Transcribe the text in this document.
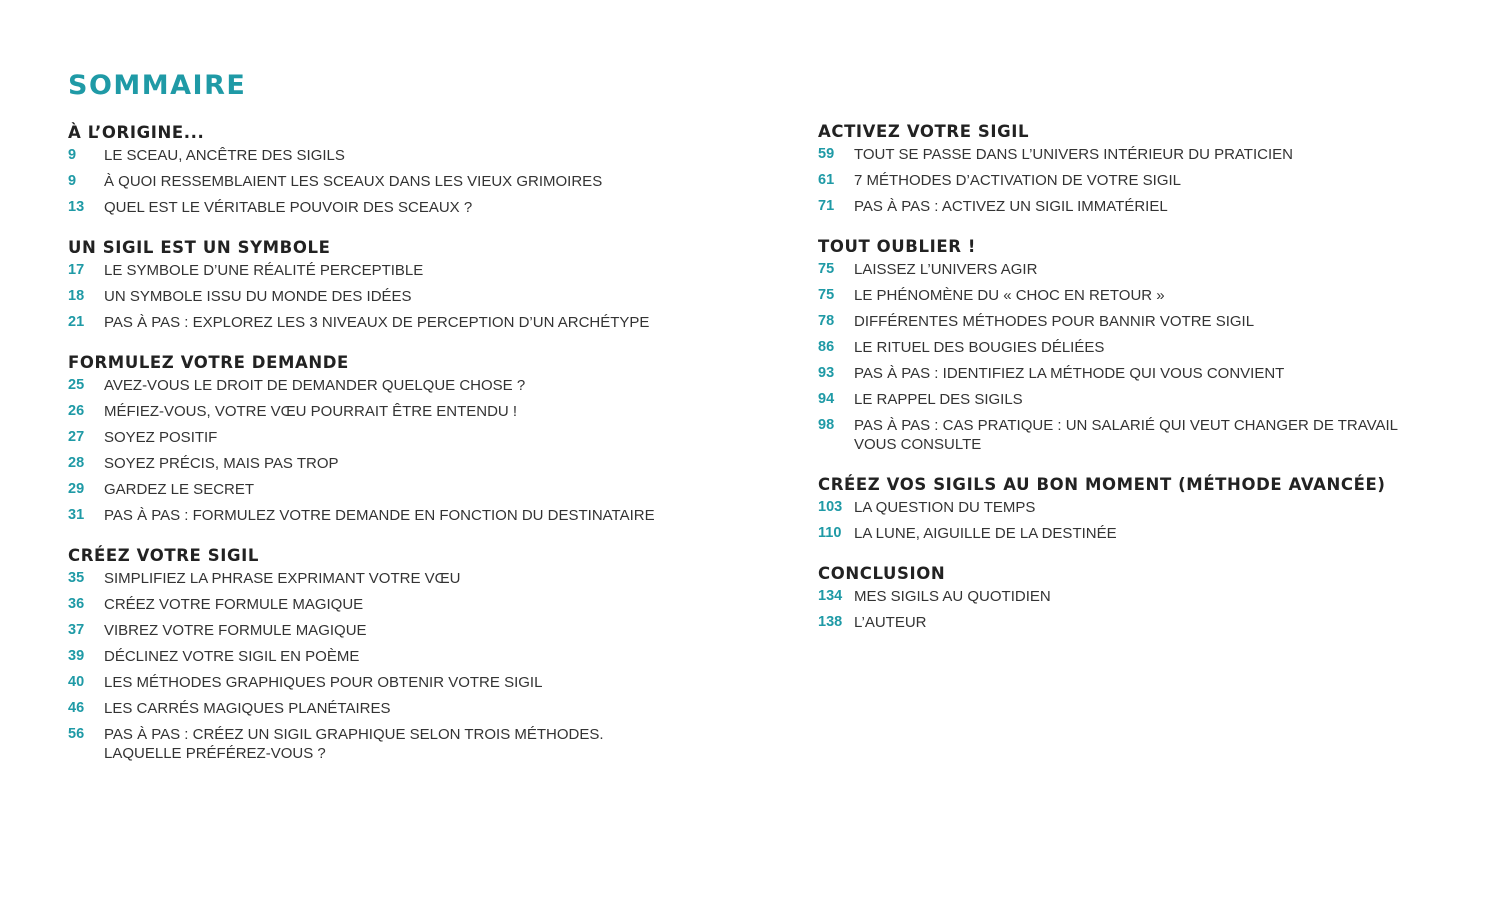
SOMMAIRE
À L’ORIGINE...
9	LE SCEAU, ANCÊTRE DES SIGILS
9	À QUOI RESSEMBLAIENT LES SCEAUX DANS LES VIEUX GRIMOIRES
13	QUEL EST LE VÉRITABLE POUVOIR DES SCEAUX ?
UN SIGIL EST UN SYMBOLE
17	LE SYMBOLE D’UNE RÉALITÉ PERCEPTIBLE
18	UN SYMBOLE ISSU DU MONDE DES IDÉES
21	PAS À PAS : EXPLOREZ LES 3 NIVEAUX DE PERCEPTION D’UN ARCHÉTYPE
FORMULEZ VOTRE DEMANDE
25	AVEZ-VOUS LE DROIT DE DEMANDER QUELQUE CHOSE ?
26	MÉFIEZ-VOUS, VOTRE VŒU POURRAIT ÊTRE ENTENDU !
27	SOYEZ POSITIF
28	SOYEZ PRÉCIS, MAIS PAS TROP
29	GARDEZ LE SECRET
31	PAS À PAS : FORMULEZ VOTRE DEMANDE EN FONCTION DU DESTINATAIRE
CRÉEZ VOTRE SIGIL
35	SIMPLIFIEZ LA PHRASE EXPRIMANT VOTRE VŒU
36	CRÉEZ VOTRE FORMULE MAGIQUE
37	VIBREZ VOTRE FORMULE MAGIQUE
39	DÉCLINEZ VOTRE SIGIL EN POÈME
40	LES MÉTHODES GRAPHIQUES POUR OBTENIR VOTRE SIGIL
46	LES CARRÉS MAGIQUES PLANÉTAIRES
56	PAS À PAS : CRÉEZ UN SIGIL GRAPHIQUE SELON TROIS MÉTHODES.
LAQUELLE PRÉFÉREZ-VOUS ?
ACTIVEZ VOTRE SIGIL
59	TOUT SE PASSE DANS L’UNIVERS INTÉRIEUR DU PRATICIEN
61	7 MÉTHODES D’ACTIVATION DE VOTRE SIGIL
71	PAS À PAS : ACTIVEZ UN SIGIL IMMATÉRIEL
TOUT OUBLIER !
75	LAISSEZ L’UNIVERS AGIR
75	LE PHÉNOMÈNE DU « CHOC EN RETOUR »
78	DIFFÉRENTES MÉTHODES POUR BANNIR VOTRE SIGIL
86	LE RITUEL DES BOUGIES DÉLIÉES
93	PAS À PAS : IDENTIFIEZ LA MÉTHODE QUI VOUS CONVIENT
94	LE RAPPEL DES SIGILS
98	PAS À PAS : CAS PRATIQUE : UN SALARIÉ QUI VEUT CHANGER DE TRAVAIL
VOUS CONSULTE
CRÉEZ VOS SIGILS AU BON MOMENT (MÉTHODE AVANCÉE)
103 LA QUESTION DU TEMPS
110 LA LUNE, AIGUILLE DE LA DESTINÉE
CONCLUSION
134 MES SIGILS AU QUOTIDIEN
138 L’AUTEUR
